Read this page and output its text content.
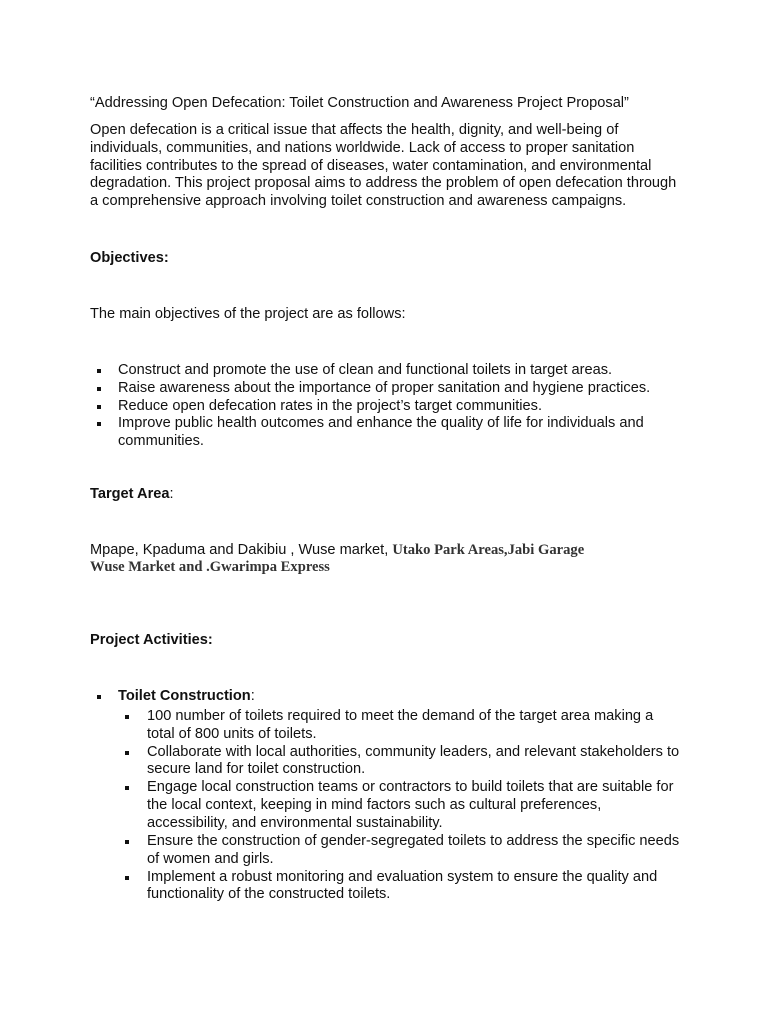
“Addressing Open Defecation: Toilet Construction and Awareness Project Proposal”

Open defecation is a critical issue that affects the health, dignity, and well-being of individuals, communities, and nations worldwide. Lack of access to proper sanitation facilities contributes to the spread of diseases, water contamination, and environmental degradation. This project proposal aims to address the problem of open defecation through a comprehensive approach involving toilet construction and awareness campaigns.

Objectives:

The main objectives of the project are as follows:

Construct and promote the use of clean and functional toilets in target areas.
Raise awareness about the importance of proper sanitation and hygiene practices.
Reduce open defecation rates in the project’s target communities.
Improve public health outcomes and enhance the quality of life for individuals and communities.

Target Area:

Mpape, Kpaduma and Dakibiu , Wuse market, Utako Park Areas,Jabi Garage
Wuse Market and .Gwarimpa Express

Project Activities:

Toilet Construction:
100 number of toilets required to meet the demand of the target area making a total of 800 units of toilets.
Collaborate with local authorities, community leaders, and relevant stakeholders to secure land for toilet construction.
Engage local construction teams or contractors to build toilets that are suitable for the local context, keeping in mind factors such as cultural preferences, accessibility, and environmental sustainability.
Ensure the construction of gender-segregated toilets to address the specific needs of women and girls.
Implement a robust monitoring and evaluation system to ensure the quality and functionality of the constructed toilets.
